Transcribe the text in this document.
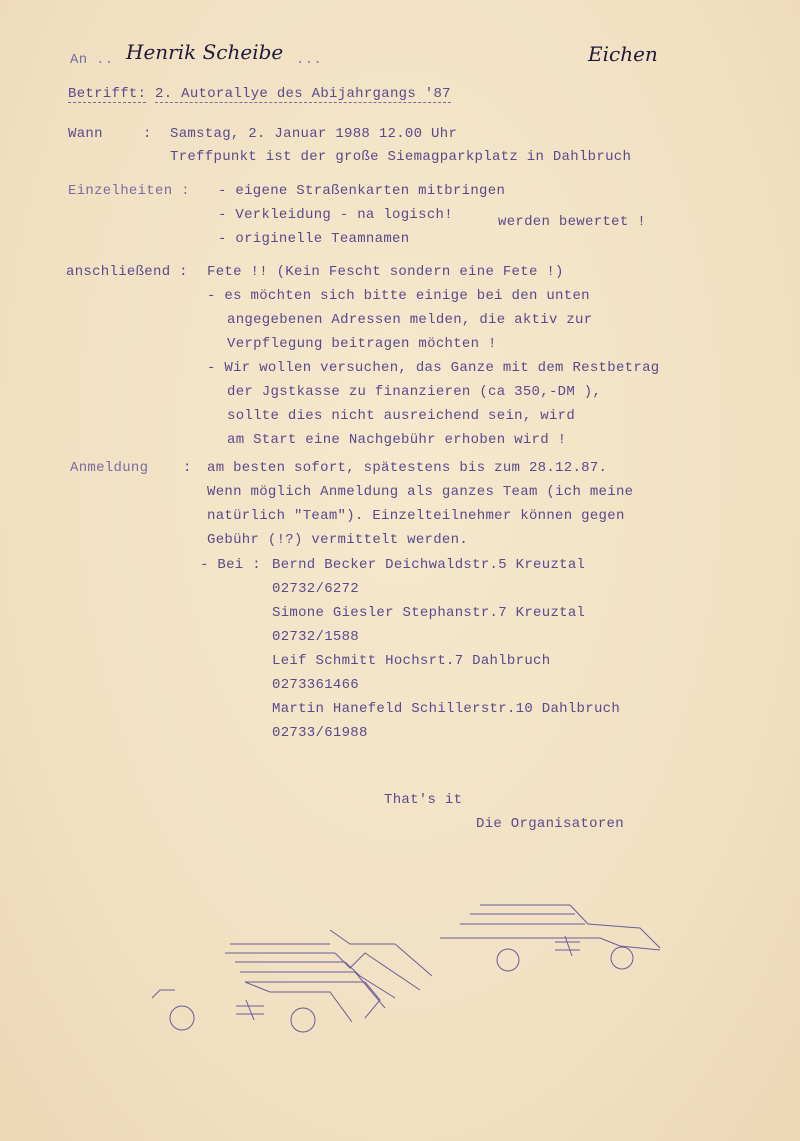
An .. Henrik Scheibe ...	Eichen
Betrifft: 2. Autorallye des Abijahrgangs '87
Wann	: Samstag, 2. Januar 1988 12.00 Uhr
Treffpunkt ist der große Siemagparkplatz in Dahlbruch
Einzelheiten : - eigene Straßenkarten mitbringen
- Verkleidung - na logisch!
- originelle Teamnamen
werden bewertet !
anschließend : Fete !! (Kein Fescht sondern eine Fete !)
- es möchten sich bitte einige bei den unten
angegebenen Adressen melden, die aktiv zur
Verpflegung beitragen möchten !
- Wir wollen versuchen, das Ganze mit dem Restbetrag
der Jgstkasse zu finanzieren (ca 350,-DM ),
sollte dies nicht ausreichend sein, wird
am Start eine Nachgebühr erhoben wird !
Anmeldung : am besten sofort, spätestens bis zum 28.12.87.
Wenn möglich Anmeldung als ganzes Team (ich meine
natürlich "Team"). Einzelteilnehmer können gegen
Gebühr (!?) vermittelt werden.
- Bei : Bernd Becker Deichwaldstr.5 Kreuztal
02732/6272
Simone Giesler Stephanstr.7 Kreuztal
02732/1588
Leif Schmitt Hochsrt.7 Dahlbruch
0273361466
Martin Hanefeld Schillerstr.10 Dahlbruch
02733/61988
That's it
Die Organisatoren
